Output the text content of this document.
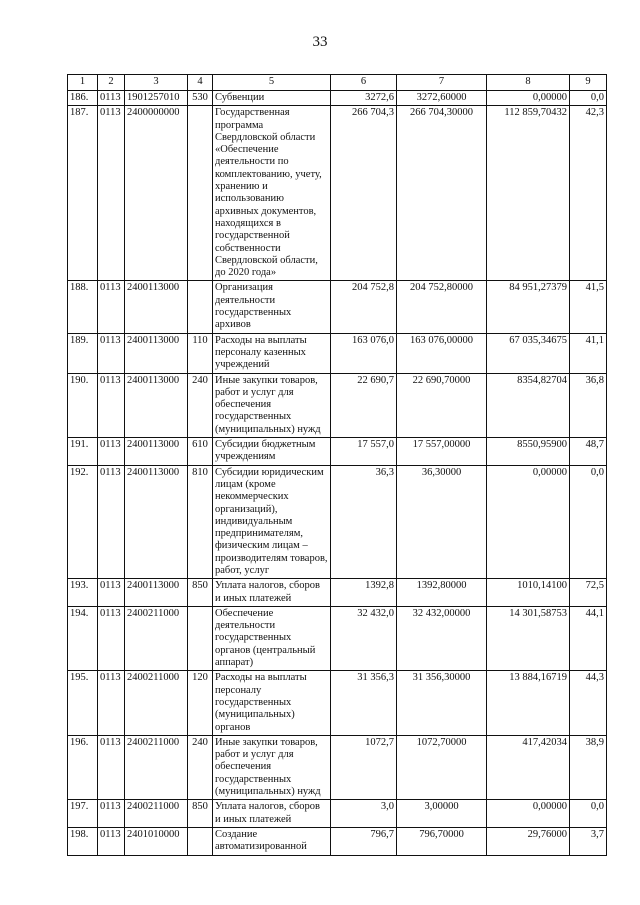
33
1	2	3	4	5	6	7	8	9
186.	0113	1901257010	530	Субвенции	3272,6	3272,60000	0,00000	0,0
187.	0113	2400000000		Государственная программа Свердловской области «Обеспечение деятельности по комплектованию, учету, хранению и использованию архивных документов, находящихся в государственной собственности Свердловской области, до 2020 года»	266 704,3	266 704,30000	112 859,70432	42,3
188.	0113	2400113000		Организация деятельности государственных архивов	204 752,8	204 752,80000	84 951,27379	41,5
189.	0113	2400113000	110	Расходы на выплаты персоналу казенных учреждений	163 076,0	163 076,00000	67 035,34675	41,1
190.	0113	2400113000	240	Иные закупки товаров, работ и услуг для обеспечения государственных (муниципальных) нужд	22 690,7	22 690,70000	8354,82704	36,8
191.	0113	2400113000	610	Субсидии бюджетным учреждениям	17 557,0	17 557,00000	8550,95900	48,7
192.	0113	2400113000	810	Субсидии юридическим лицам (кроме некоммерческих организаций), индивидуальным предпринимателям, физическим лицам – производителям товаров, работ, услуг	36,3	36,30000	0,00000	0,0
193.	0113	2400113000	850	Уплата налогов, сборов и иных платежей	1392,8	1392,80000	1010,14100	72,5
194.	0113	2400211000		Обеспечение деятельности государственных органов (центральный аппарат)	32 432,0	32 432,00000	14 301,58753	44,1
195.	0113	2400211000	120	Расходы на выплаты персоналу государственных (муниципальных) органов	31 356,3	31 356,30000	13 884,16719	44,3
196.	0113	2400211000	240	Иные закупки товаров, работ и услуг для обеспечения государственных (муниципальных) нужд	1072,7	1072,70000	417,42034	38,9
197.	0113	2400211000	850	Уплата налогов, сборов и иных платежей	3,0	3,00000	0,00000	0,0
198.	0113	2401010000		Создание автоматизированной	796,7	796,70000	29,76000	3,7
